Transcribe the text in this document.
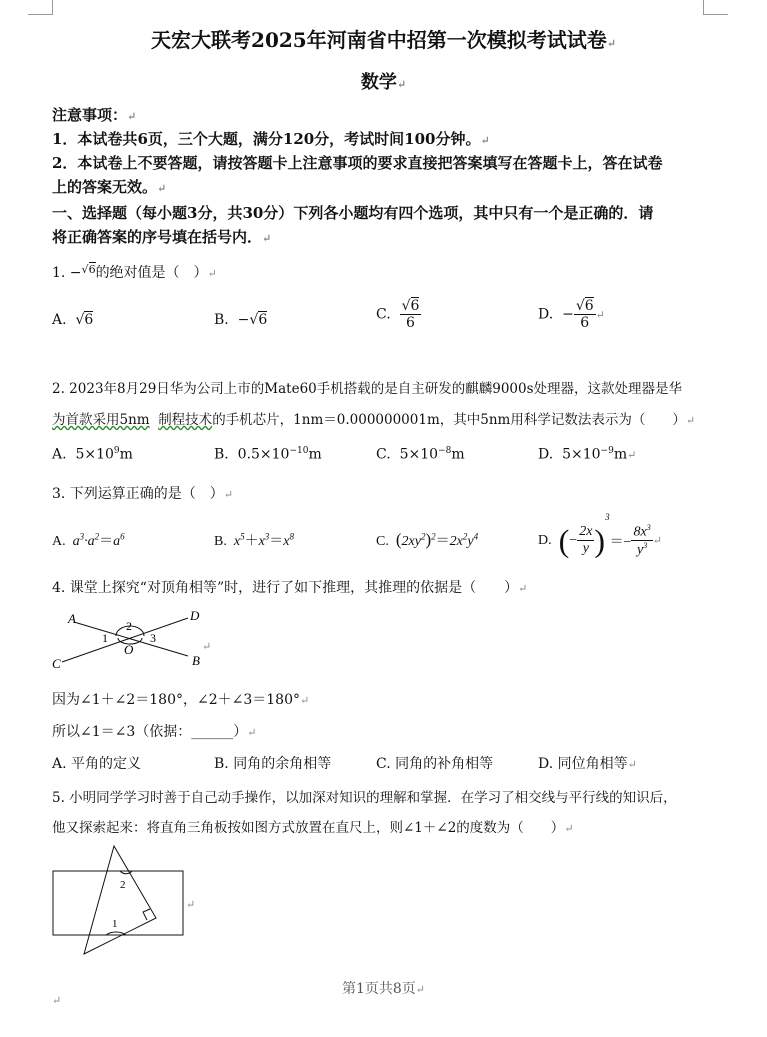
天宏大联考2025年河南省中招第一次模拟考试试卷↵
数学↵
注意事项：↵
1．本试卷共6页，三个大题，满分120分，考试时间100分钟。↵
2．本试卷上不要答题，请按答题卡上注意事项的要求直接把答案填写在答题卡上，答在试卷
上的答案无效。↵
一、选择题（每小题3分，共30分）下列各小题均有四个选项，其中只有一个是正确的．请
将正确答案的序号填在括号内．↵
1. −$^{√6}$的绝对值是（　）↵
A.  √6	B. −√6	C. $\frac{√6}{6}$	D. − $\frac{√6}{6}$ ↵
2. 2023年8月29日华为公司上市的Mate60手机搭载的是自主研发的麒麟9000s处理器，这款处理器是华
为首款采用5nm 制程技术的手机芯片，1nm＝0.000000001m，其中5nm用科学记数法表示为（　　）↵
A. $5\times 10^9m$	B. $0.5\times 10^{-10}m$	C. $5\times 10^{-8}m$	D. $5\times 10^{-9}m↵$
3. 下列运算正确的是（　）↵
A.  $a^3\cdot a^2=a^6$	B.  $x^5+x^3=x^8$	C. $(2xy^2)^2=2x^2y^4$	D. (− $\frac{2x}{y} )^3=- \frac{8x^3}{y^3}$ ↵
4. 课堂上探究“对顶角相等”时，进行了如下推理，其推理的依据是（　　）↵
A	D
C	B
O
1
2
3
↵
因为∠1＋∠2＝180°，∠2＋∠3＝180°↵
所以∠1＝∠3（依据：______）↵
A. 平角的定义	B. 同角的余角相等	C. 同角的补角相等	D. 同位角相等↵
5. 小明同学学习时善于自己动手操作，以加深对知识的理解和掌握．在学习了相交线与平行线的知识后，
他又探索起来：将直角三角板按如图方式放置在直尺上，则∠1＋∠2的度数为（　　）↵
1
2
↵
第1页共8页↵
↵
